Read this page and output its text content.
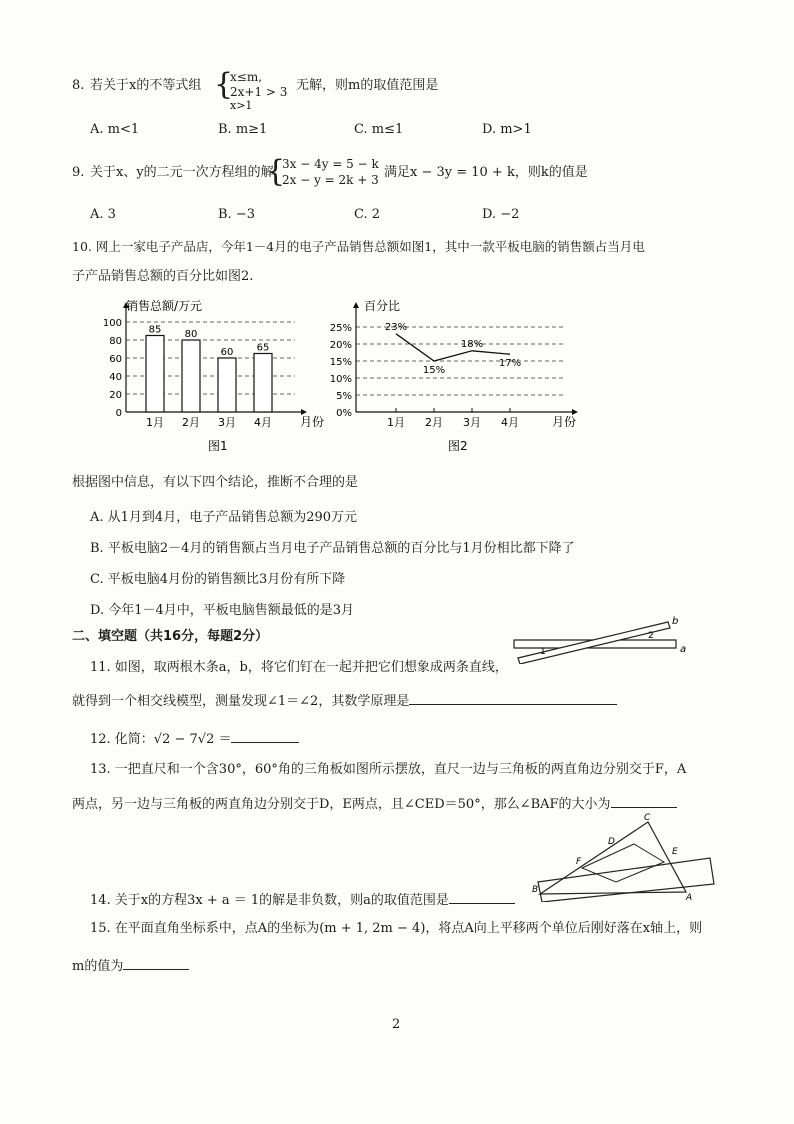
8. 若关于x的不等式组 {
x≤m,
2x+1 > 3
x>1
无解，则m的取值范围是
A. m<1	B. m≥1	C. m≤1	D. m>1
9. 关于x、y的二元一次方程组的解
{
3x − 4y = 5 − k
2x − y = 2k + 3 满足x − 3y = 10 + k，则k的值是
A. 3	B. −3	C. 2	D. −2
10. 网上一家电子产品店，今年1－4月的电子产品销售总额如图1，其中一款平板电脑的销售额占当月电
子产品销售总额的百分比如图2.
0
20
40
60
80
100
1月 2月 3月 4月
85 80
60 65
销售总额/万元
月份
图1
0%
5%
10%
15%
20%
25%
1月 2月 3月 4月
23%
15%
18%
17%
百分比
月份
图2
根据图中信息，有以下四个结论，推断不合理的是
A. 从1月到4月，电子产品销售总额为290万元
B. 平板电脑2－4月的销售额占当月电子产品销售总额的百分比与1月份相比都下降了
C. 平板电脑4月份的销售额比3月份有所下降
D. 今年1－4月中，平板电脑售额最低的是3月
二、填空题（共16分，每题2分）
11. 如图，取两根木条a，b，将它们钉在一起并把它们想象成两条直线，
就得到一个相交线模型，测量发现∠1＝∠2，其数学原理是
a
b
1
2
12. 化简：√2 − 7√2 ＝
13. 一把直尺和一个含30°，60°角的三角板如图所示摆放，直尺一边与三角板的两直角边分别交于F，A
两点，另一边与三角板的两直角边分别交于D，E两点，且∠CED＝50°，那么∠BAF的大小为
C
D
E
F
B
A
14. 关于x的方程3x + a ＝ 1的解是非负数，则a的取值范围是
15. 在平面直角坐标系中，点A的坐标为(m + 1, 2m − 4)，将点A向上平移两个单位后刚好落在x轴上，则
m的值为
2
